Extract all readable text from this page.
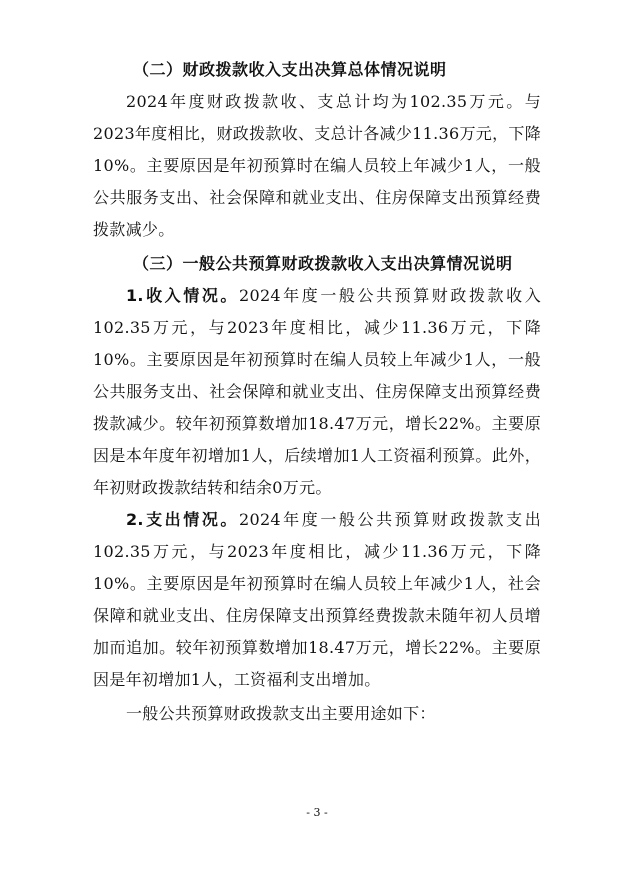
（二）财政拨款收入支出决算总体情况说明

2024年度财政拨款收、支总计均为102.35万元。与2023年度相比，财政拨款收、支总计各减少11.36万元，下降10%。主要原因是年初预算时在编人员较上年减少1人，一般公共服务支出、社会保障和就业支出、住房保障支出预算经费拨款减少。

（三）一般公共预算财政拨款收入支出决算情况说明

1.收入情况。2024年度一般公共预算财政拨款收入102.35万元，与2023年度相比，减少11.36万元，下降10%。主要原因是年初预算时在编人员较上年减少1人，一般公共服务支出、社会保障和就业支出、住房保障支出预算经费拨款减少。较年初预算数增加18.47万元，增长22%。主要原因是本年度年初增加1人，后续增加1人工资福利预算。此外，年初财政拨款结转和结余0万元。

2.支出情况。2024年度一般公共预算财政拨款支出102.35万元，与2023年度相比，减少11.36万元，下降10%。主要原因是年初预算时在编人员较上年减少1人，社会保障和就业支出、住房保障支出预算经费拨款未随年初人员增加而追加。较年初预算数增加18.47万元，增长22%。主要原因是年初增加1人，工资福利支出增加。

一般公共预算财政拨款支出主要用途如下：

- 3 -
